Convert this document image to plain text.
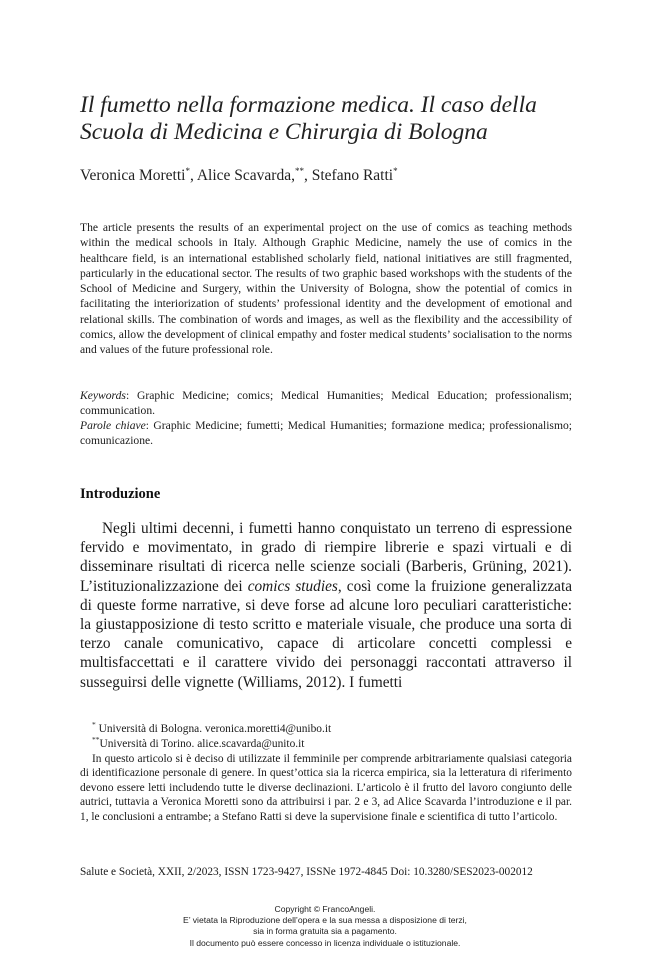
Il fumetto nella formazione medica. Il caso della
Scuola di Medicina e Chirurgia di Bologna
Veronica Moretti*, Alice Scavarda,**, Stefano Ratti*

The article presents the results of an experimental project on the use of comics as teaching methods within the medical schools in Italy. Although Graphic Medicine, namely the use of comics in the healthcare field, is an international established scholarly field, national initiatives are still fragmented, particularly in the educational sector. The results of two graphic based workshops with the students of the School of Medicine and Surgery, within the University of Bologna, show the potential of comics in facilitating the interiorization of students’ professional identity and the development of emotional and relational skills. The combination of words and images, as well as the flexibility and the accessibility of comics, allow the development of clinical empathy and foster medical students’ socialisation to the norms and values of the future professional role.

Keywords: Graphic Medicine; comics; Medical Humanities; Medical Education; professionalism; communication.

Parole chiave: Graphic Medicine; fumetti; Medical Humanities; formazione medica; professionalismo; comunicazione.

Introduzione

Negli ultimi decenni, i fumetti hanno conquistato un terreno di espressione fervido e movimentato, in grado di riempire librerie e spazi virtuali e di disseminare risultati di ricerca nelle scienze sociali (Barberis, Grüning, 2021). L’istituzionalizzazione dei comics studies, così come la fruizione generalizzata di queste forme narrative, si deve forse ad alcune loro peculiari caratteristiche: la giustapposizione di testo scritto e materiale visuale, che produce una sorta di terzo canale comunicativo, capace di articolare concetti complessi e multisfaccettati e il carattere vivido dei personaggi raccontati attraverso il susseguirsi delle vignette (Williams, 2012). I fumetti

* Università di Bologna. veronica.moretti4@unibo.it
**Università di Torino. alice.scavarda@unito.it

In questo articolo si è deciso di utilizzate il femminile per comprende arbitrariamente qualsiasi categoria di identificazione personale di genere. In quest’ottica sia la ricerca empirica, sia la letteratura di riferimento devono essere letti includendo tutte le diverse declinazioni. L’articolo è il frutto del lavoro congiunto delle autrici, tuttavia a Veronica Moretti sono da attribuirsi i par. 2 e 3, ad Alice Scavarda l’introduzione e il par. 1, le conclusioni a entrambe; a Stefano Ratti si deve la supervisione finale e scientifica di tutto l’articolo.

Salute e Società, XXII, 2/2023, ISSN 1723-9427, ISSNe 1972-4845 Doi: 10.3280/SES2023-002012
Copyright © FrancoAngeli.
E’ vietata la Riproduzione dell’opera e la sua messa a disposizione di terzi,
sia in forma gratuita sia a pagamento.
Il documento può essere concesso in licenza individuale o istituzionale.
